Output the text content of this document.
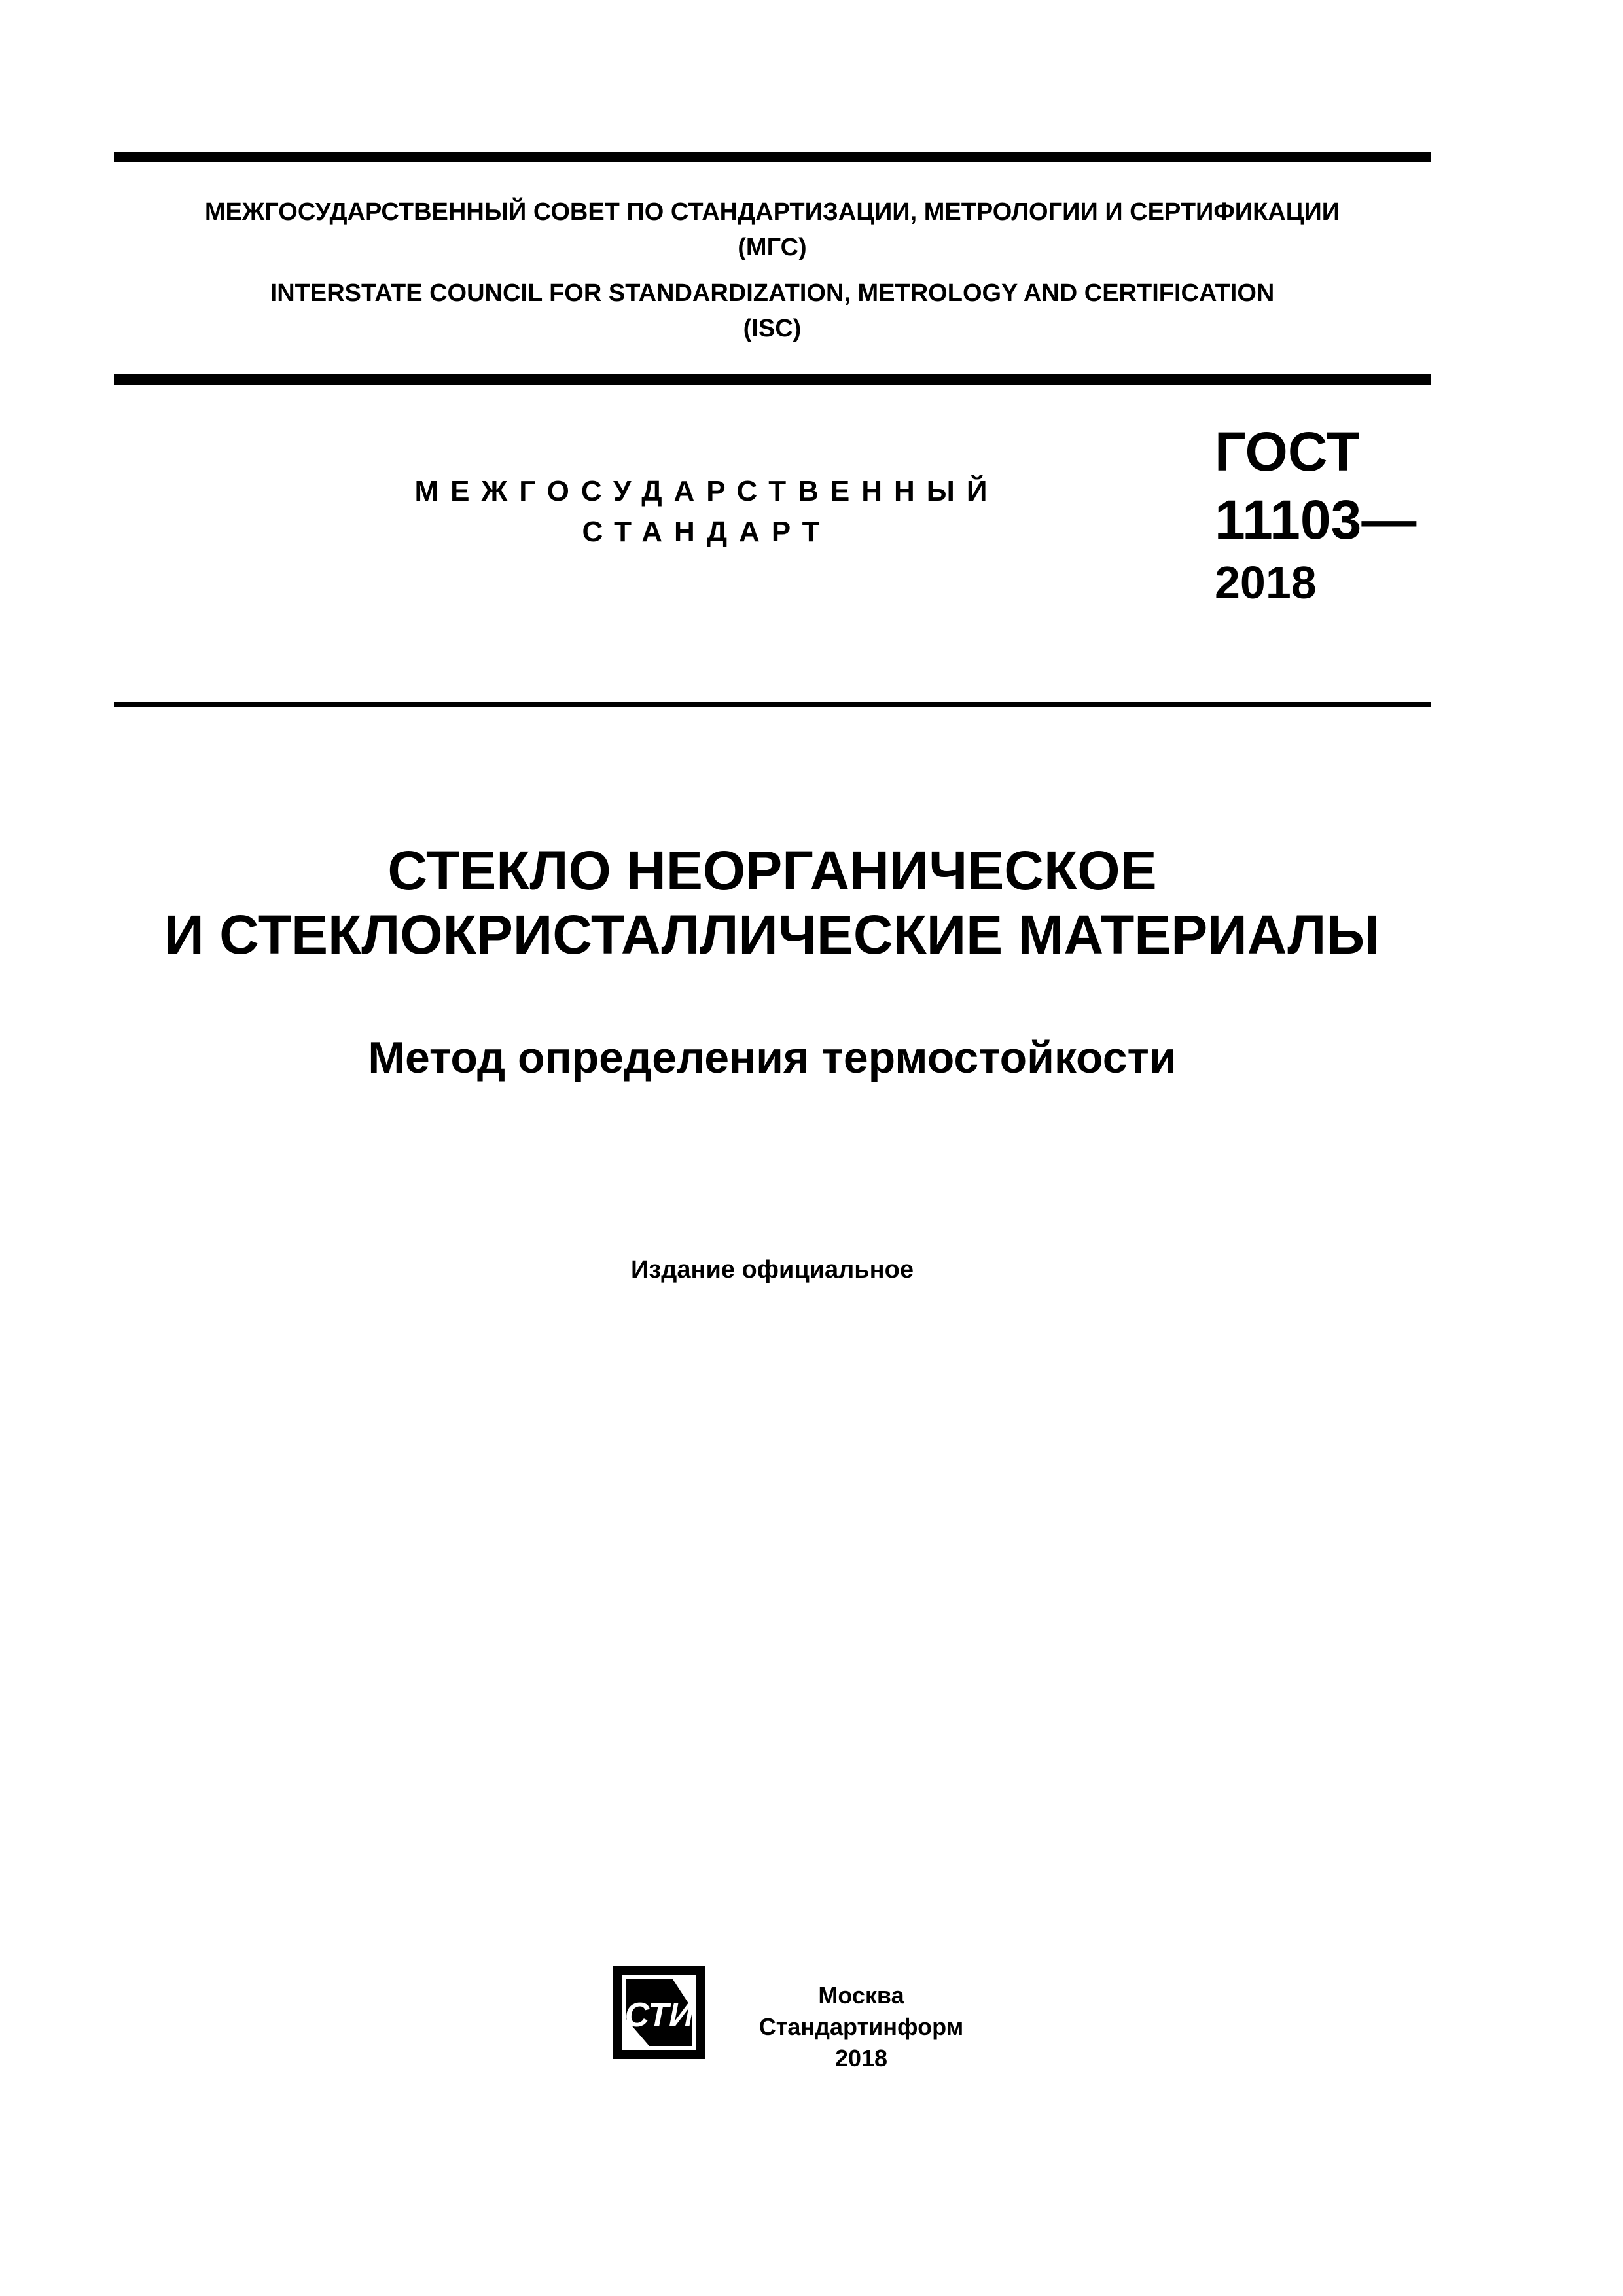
МЕЖГОСУДАРСТВЕННЫЙ СОВЕТ ПО СТАНДАРТИЗАЦИИ, МЕТРОЛОГИИ И СЕРТИФИКАЦИИ
(МГС)
INTERSTATE COUNCIL FOR STANDARDIZATION, METROLOGY AND CERTIFICATION
(ISC)
МЕЖГОСУДАРСТВЕННЫЙ
СТАНДАРТ
ГОСТ
11103—
2018
СТЕКЛО НЕОРГАНИЧЕСКОЕ
И СТЕКЛОКРИСТАЛЛИЧЕСКИЕ МАТЕРИАЛЫ
Метод определения термостойкости
Издание официальное
СТИ
Москва
Стандартинформ
2018
